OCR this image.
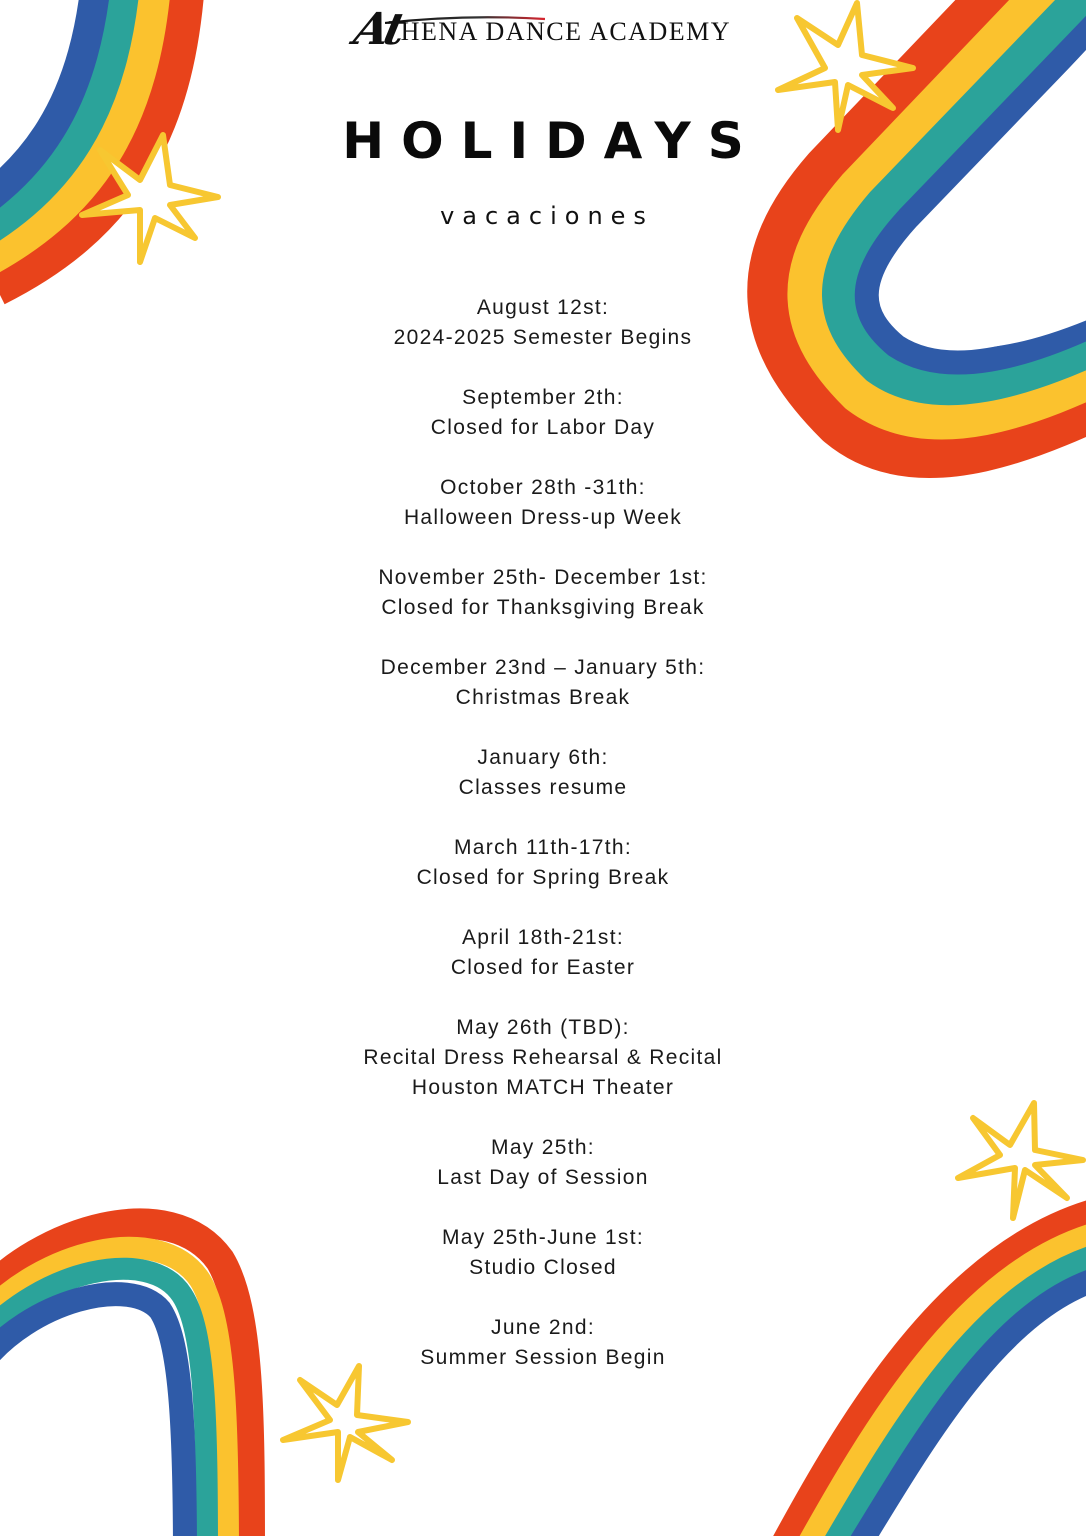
At
HENA DANCE ACADEMY
HOLIDAYS
vacaciones
August 12st:
2024-2025 Semester Begins
September 2th:
Closed for Labor Day
October 28th -31th:
Halloween Dress-up Week
November 25th- December 1st:
Closed for Thanksgiving Break
December 23nd – January 5th:
Christmas Break
January 6th:
Classes resume
March 11th-17th:
Closed for Spring Break
April 18th-21st:
Closed for Easter
May 26th (TBD):
Recital Dress Rehearsal & Recital
Houston MATCH Theater
May 25th:
Last Day of Session
May 25th-June 1st:
Studio Closed
June 2nd:
Summer Session Begin
